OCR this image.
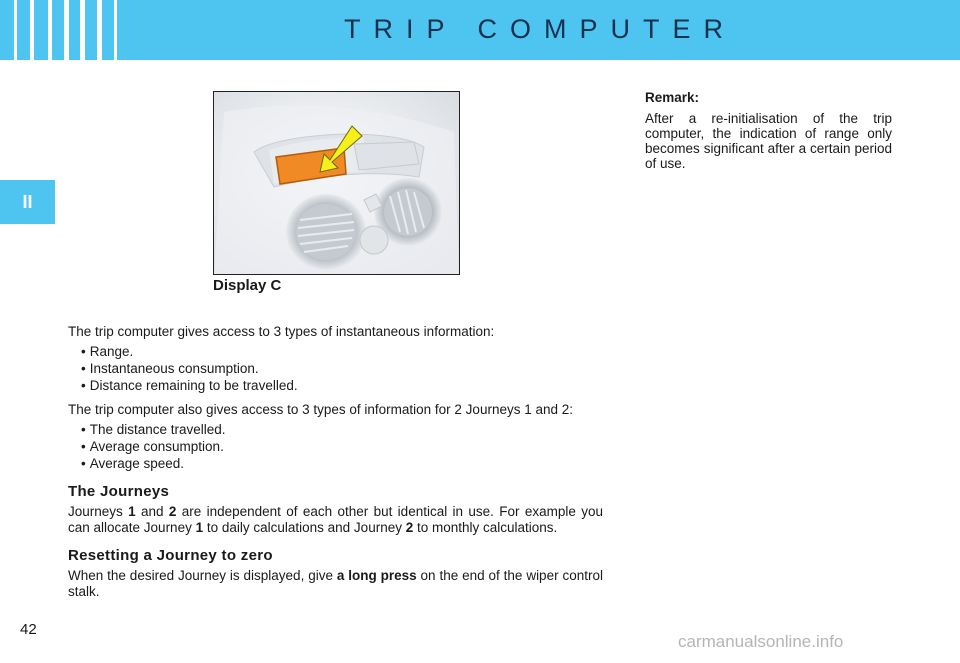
TRIP COMPUTER
II
Display C

The trip computer gives access to 3 types of instantaneous information:

• Range.
• Instantaneous consumption.
• Distance remaining to be travelled.

The trip computer also gives access to 3 types of information for 2 Journeys 1 and 2:

• The distance travelled.
• Average consumption.
• Average speed.
The Journeys

Journeys 1 and 2 are independent of each other but identical in use. For example you can allocate Journey 1 to daily calculations and Journey 2 to monthly calculations.

Resetting a Journey to zero

When the desired Journey is displayed, give a long press on the end of the wiper control stalk.

Remark:

After a re-initialisation of the trip computer, the indication of range only becomes significant after a certain period of use.

42
carmanualsonline.info
